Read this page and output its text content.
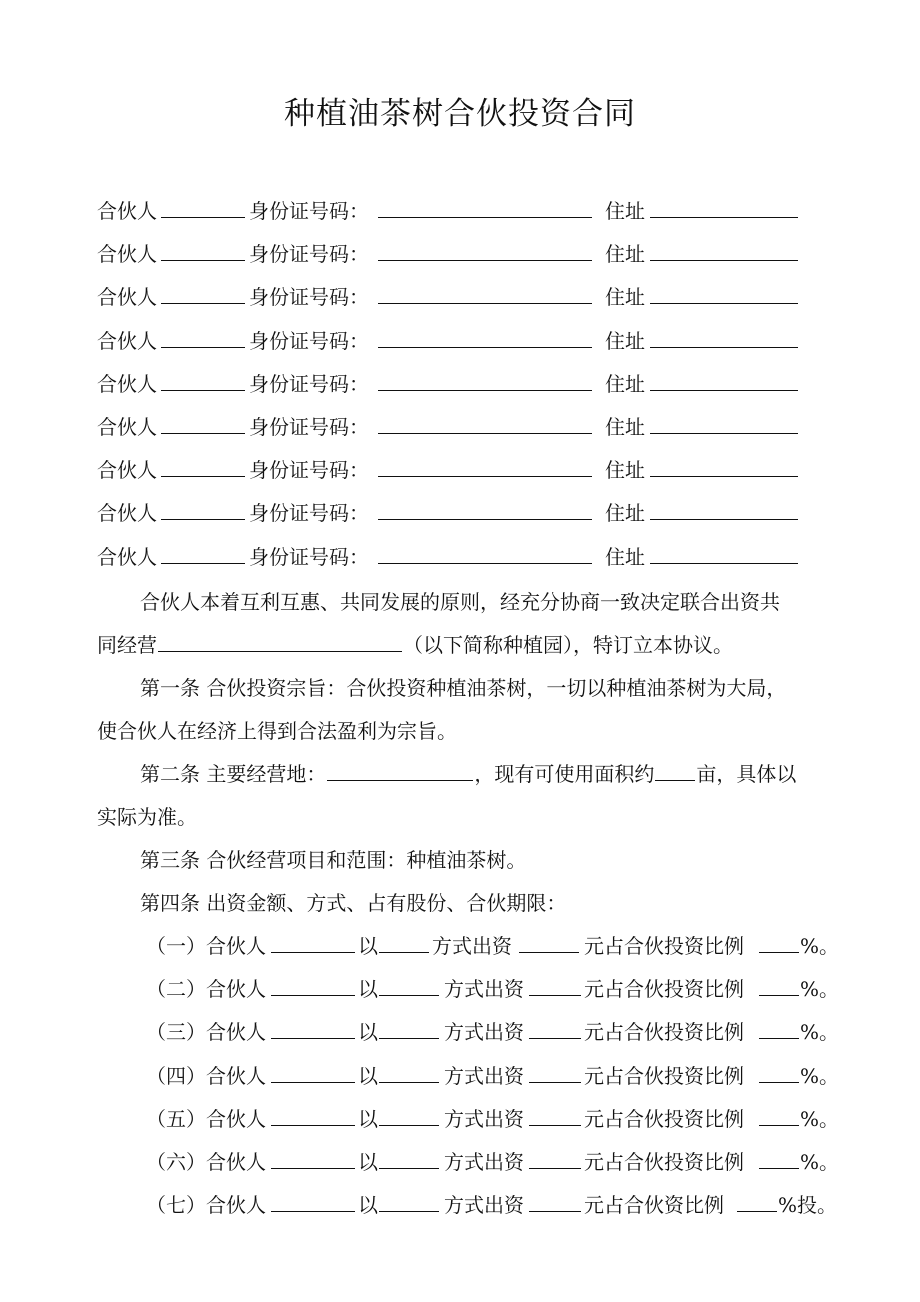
种植油茶树合伙投资合同
合伙人	身份证号码：	住址
合伙人	身份证号码：	住址
合伙人	身份证号码：	住址
合伙人	身份证号码：	住址
合伙人	身份证号码：	住址
合伙人	身份证号码：	住址
合伙人	身份证号码：	住址
合伙人	身份证号码：	住址
合伙人	身份证号码：	住址
合伙人本着互利互惠、共同发展的原则，经充分协商一致决定联合出资共
同经营	（以下简称种植园），特订立本协议。
第一条 合伙投资宗旨：合伙投资种植油茶树，一切以种植油茶树为大局，
使合伙人在经济上得到合法盈利为宗旨。
第二条 主要经营地：	，现有可使用面积约 亩，具体以
实际为准。
第三条 合伙经营项目和范围：种植油茶树。
第四条 出资金额、方式、占有股份、合伙期限：
（一） 合伙人	以	方式出资	元占合伙投资比例	%。
（二） 合伙人	以	方式出资	元占合伙投资比例	%。
（三） 合伙人	以	方式出资	元占合伙投资比例	%。
（四） 合伙人	以	方式出资	元占合伙投资比例	%。
（五） 合伙人	以	方式出资	元占合伙投资比例	%。
（六） 合伙人	以	方式出资	元占合伙投资比例	%。
（七） 合伙人	以	方式出资	元占合伙资比例	%投。
